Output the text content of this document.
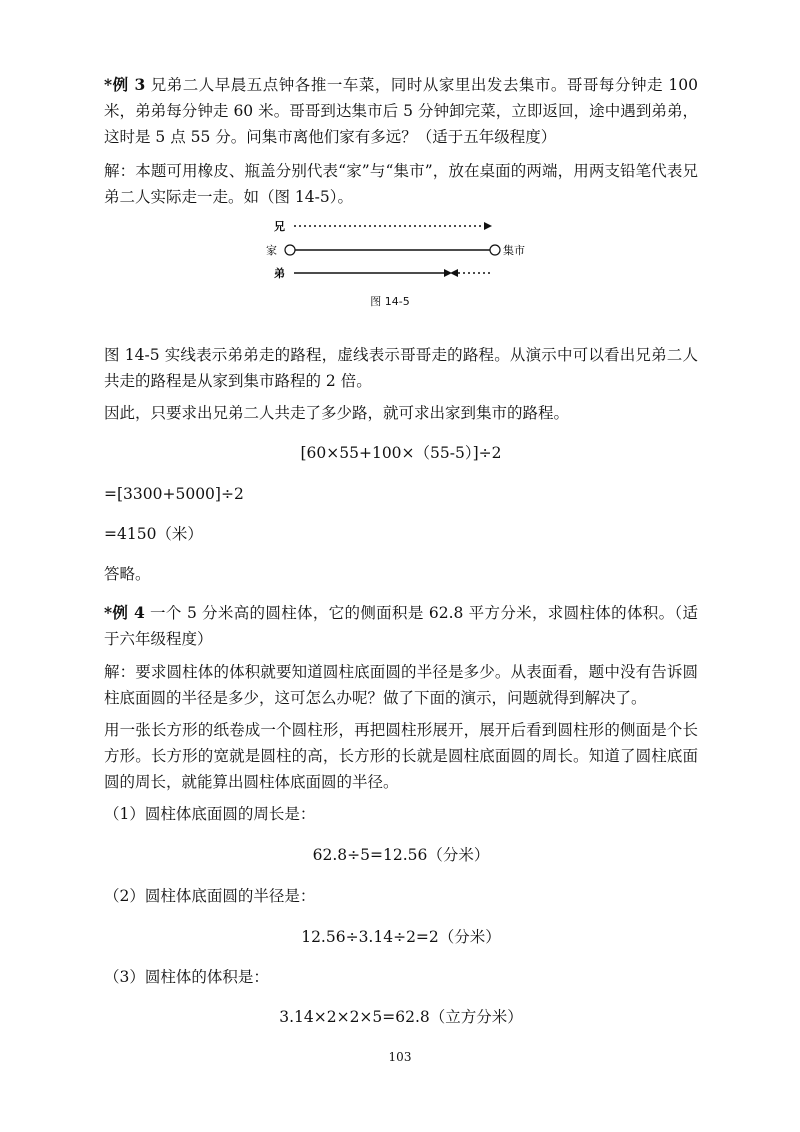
*例 3 兄弟二人早晨五点钟各推一车菜，同时从家里出发去集市。哥哥每分钟走 100 米，弟弟每分钟走 60 米。哥哥到达集市后 5 分钟卸完菜，立即返回，途中遇到弟弟，这时是 5 点 55 分。问集市离他们家有多远？（适于五年级程度）

解：本题可用橡皮、瓶盖分别代表“家”与“集市”，放在桌面的两端，用两支铅笔代表兄弟二人实际走一走。如（图 14-5）。

兄
家	集市
弟
图 14-5

图 14-5 实线表示弟弟走的路程，虚线表示哥哥走的路程。从演示中可以看出兄弟二人共走的路程是从家到集市路程的 2 倍。

因此，只要求出兄弟二人共走了多少路，就可求出家到集市的路程。

[60×55+100×（55-5）]÷2

=[3300+5000]÷2

=4150（米）

答略。

*例 4 一个 5 分米高的圆柱体，它的侧面积是 62.8 平方分米，求圆柱体的体积。（适于六年级程度）

解：要求圆柱体的体积就要知道圆柱底面圆的半径是多少。从表面看，题中没有告诉圆柱底面圆的半径是多少，这可怎么办呢？做了下面的演示，问题就得到解决了。

用一张长方形的纸卷成一个圆柱形，再把圆柱形展开，展开后看到圆柱形的侧面是个长方形。长方形的宽就是圆柱的高，长方形的长就是圆柱底面圆的周长。知道了圆柱底面圆的周长，就能算出圆柱体底面圆的半径。

（1）圆柱体底面圆的周长是：

62.8÷5=12.56（分米）

（2）圆柱体底面圆的半径是：

12.56÷3.14÷2=2（分米）

（3）圆柱体的体积是：

3.14×2×2×5=62.8（立方分米）

103
